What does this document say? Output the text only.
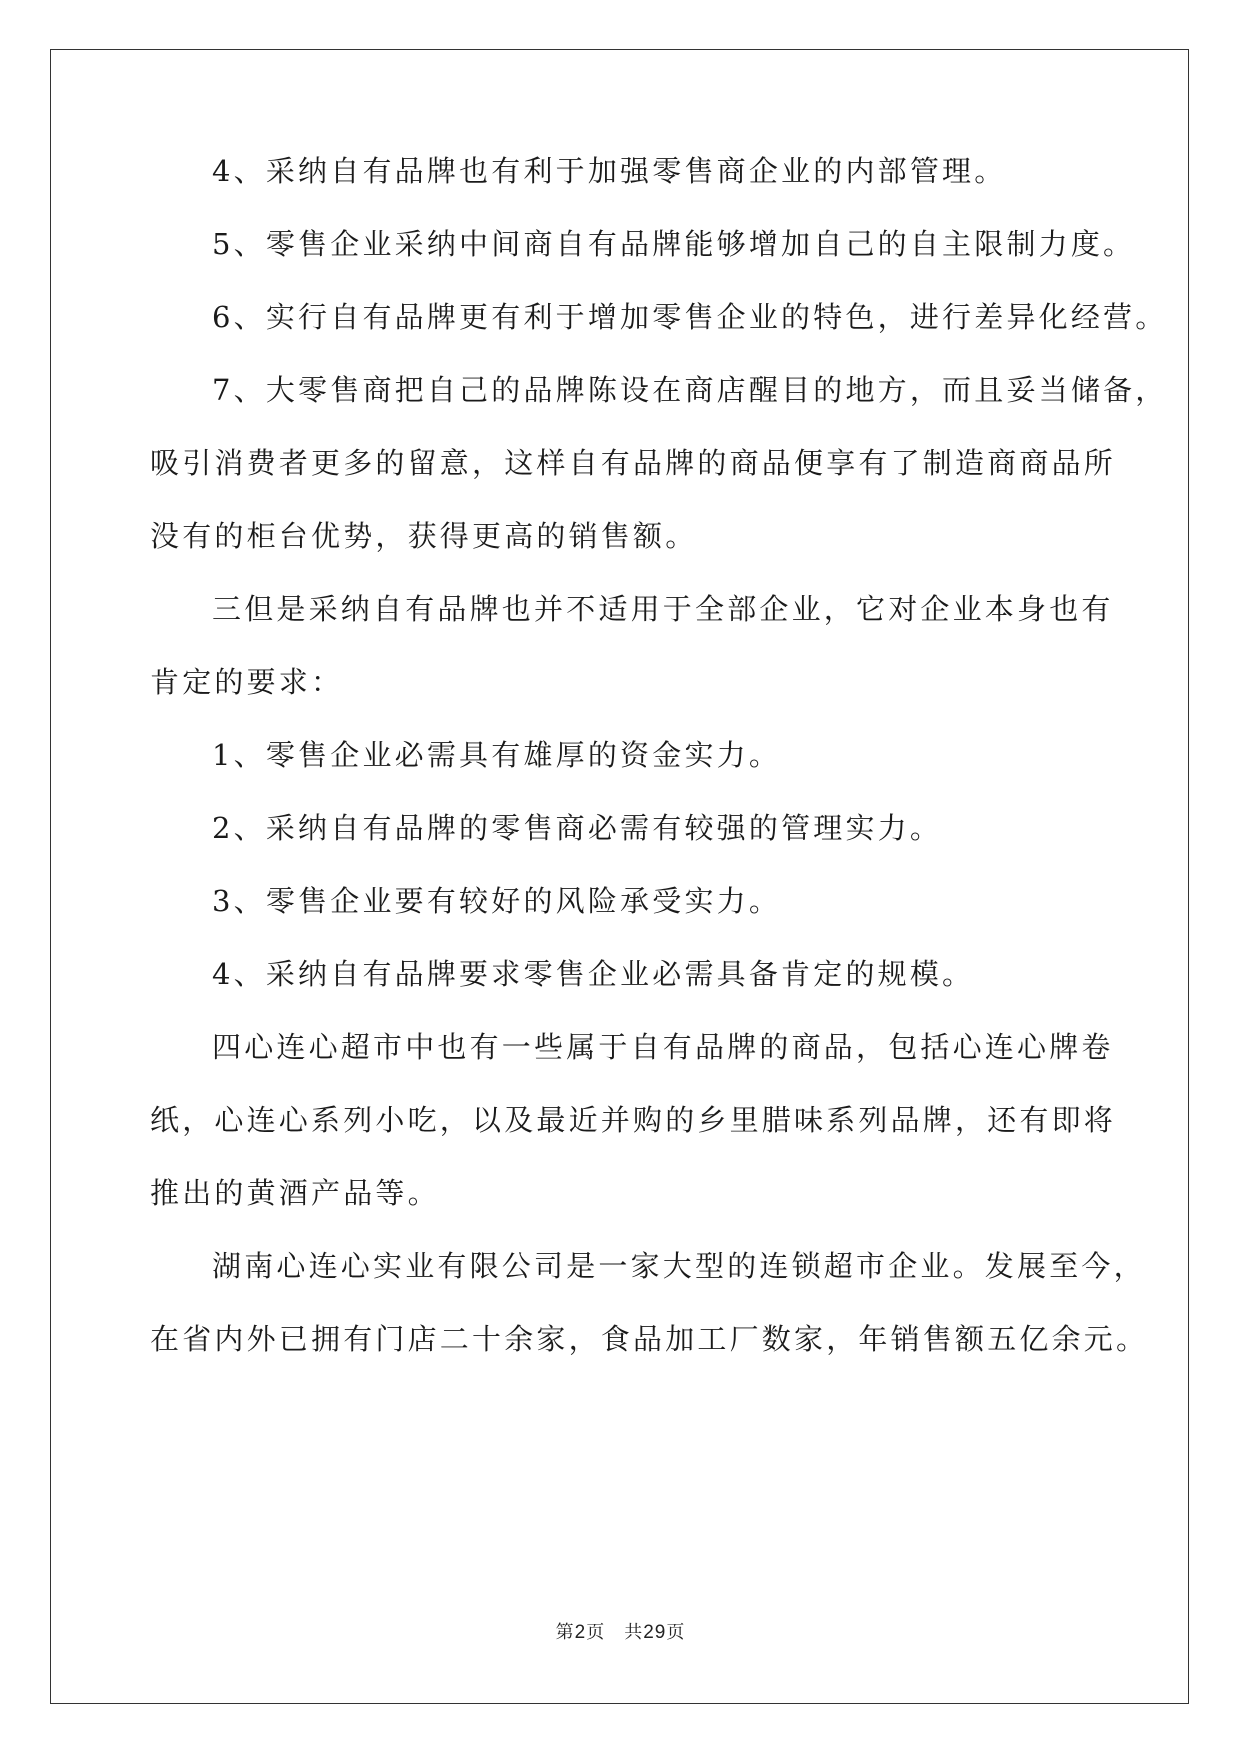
4、采纳自有品牌也有利于加强零售商企业的内部管理。

5、零售企业采纳中间商自有品牌能够增加自己的自主限制力度。

6、实行自有品牌更有利于增加零售企业的特色，进行差异化经营。

7、大零售商把自己的品牌陈设在商店醒目的地方，而且妥当储备，

吸引消费者更多的留意，这样自有品牌的商品便享有了制造商商品所

没有的柜台优势，获得更高的销售额。

三但是采纳自有品牌也并不适用于全部企业，它对企业本身也有

肯定的要求：

1、零售企业必需具有雄厚的资金实力。

2、采纳自有品牌的零售商必需有较强的管理实力。

3、零售企业要有较好的风险承受实力。

4、采纳自有品牌要求零售企业必需具备肯定的规模。

四心连心超市中也有一些属于自有品牌的商品，包括心连心牌卷

纸，心连心系列小吃，以及最近并购的乡里腊味系列品牌，还有即将

推出的黄酒产品等。

湖南心连心实业有限公司是一家大型的连锁超市企业。发展至今，

在省内外已拥有门店二十余家，食品加工厂数家，年销售额五亿余元。

第2页　共29页
